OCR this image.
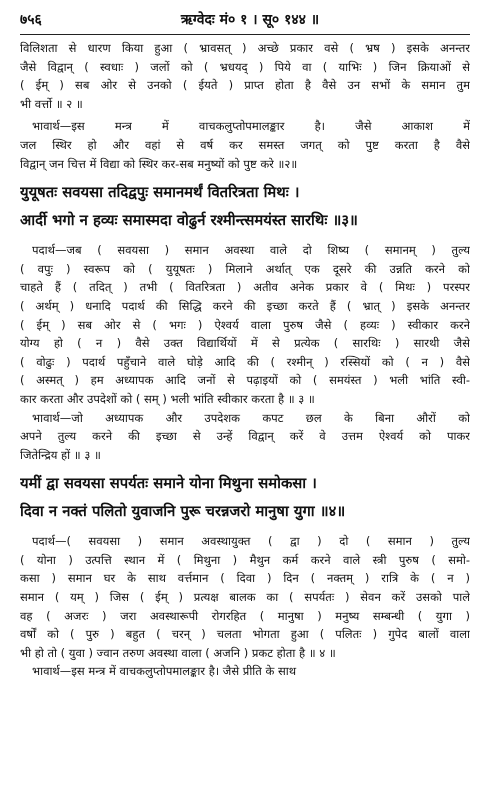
७५६	ऋग्वेदः मं० १ । सू० १४४ ॥
विलिशता से धारण किया हुआ ( भ्रावसत् ) अच्छे प्रकार वसे ( भ्रष ) इसके अनन्तर
जैसे विद्वान् ( स्वधाः ) जलों को ( भ्रधयद् ) पिये वा ( याभिः ) जिन क्रियाओं से
( ईम् ) सब ओर से उनको ( ईयते ) प्राप्त होता है वैसे उन सभों के समान तुम
भी वर्त्तो ॥ २ ॥
भावार्थ—इस मन्त्र में वाचकलुप्तोपमालङ्कार है। जैसे आकाश में
जल स्थिर हो और वहां से वर्ष कर समस्त जगत् को पुष्ट करता है वैसे
विद्वान् जन चित्त में विद्या को स्थिर कर-सब मनुष्यों को पुष्ट करे ॥२॥
युयूषतः सवयसा तदिद्वपुः समानमर्थं वितरित्रता मिथः ।
आर्दी भगो न हव्यः समास्मदा वोढुर्न रश्मीन्त्समयंस्त सारथिः ॥३॥
पदार्थ—जब ( सवयसा ) समान अवस्था वाले दो शिष्य ( समानम् ) तुल्य
( वपुः ) स्वरूप को ( युयूषतः ) मिलाने अर्थात् एक दूसरे की उन्नति करने को
चाहते हैं ( तदित् ) तभी ( वितरित्रता ) अतीव अनेक प्रकार वे ( मिथः ) परस्पर
( अर्थम् ) धनादि पदार्थ की सिद्धि करने की इच्छा करते हैं ( भ्रात् ) इसके अनन्तर
( ईम् ) सब ओर से ( भगः ) ऐश्वर्य वाला पुरुष जैसे ( हव्यः ) स्वीकार करने
योग्य हो ( न ) वैसे उक्त विद्यार्थियों में से प्रत्येक ( सारथिः ) सारथी जैसे
( वोढुः ) पदार्थ पहुँचाने वाले घोड़े आदि की ( रश्मीन् ) रस्सियों को ( न ) वैसे
( अस्मत् ) हम अध्यापक आदि जनों से पढ़ाइयों को ( समयंस्त ) भली भांति स्वी-
कार करता और उपदेशों को ( सम् ) भली भांति स्वीकार करता है ॥ ३ ॥
भावार्थ—जो अध्यापक और उपदेशक कपट छल के बिना औरों को
अपने तुल्य करने की इच्छा से उन्हें विद्वान् करें वे उत्तम ऐश्वर्य को पाकर
जितेन्द्रिय हों ॥ ३ ॥
यमीं द्वा सवयसा सपर्यतः समाने योना मिथुना समोकसा ।
दिवा न नक्तं पलितो युवाजनि पुरू चरन्नजरो मानुषा युगा ॥४॥
पदार्थ—( सवयसा ) समान अवस्थायुक्त ( द्वा ) दो ( समान ) तुल्य
( योना ) उत्पत्ति स्थान में ( मिथुना ) मैथुन कर्म करने वाले स्त्री पुरुष ( समो-
कसा ) समान घर के साथ वर्त्तमान ( दिवा ) दिन ( नक्तम् ) रात्रि के ( न )
समान ( यम् ) जिस ( ईम् ) प्रत्यक्ष बालक का ( सपर्यतः ) सेवन करें उसको पाले
वह ( अजरः ) जरा अवस्थारूपी रोगरहित ( मानुषा ) मनुष्य सम्बन्धी ( युगा )
वर्षों को ( पुरु ) बहुत ( चरन् ) चलता भोगता हुआ ( पलितः ) गुपेद बालों वाला
भी हो तो ( युवा ) ज्वान तरुण अवस्था वाला ( अजनि ) प्रकट होता है ॥ ४ ॥
भावार्थ—इस मन्त्र में वाचकलुप्तोपमालङ्कार है। जैसे प्रीति के साथ
